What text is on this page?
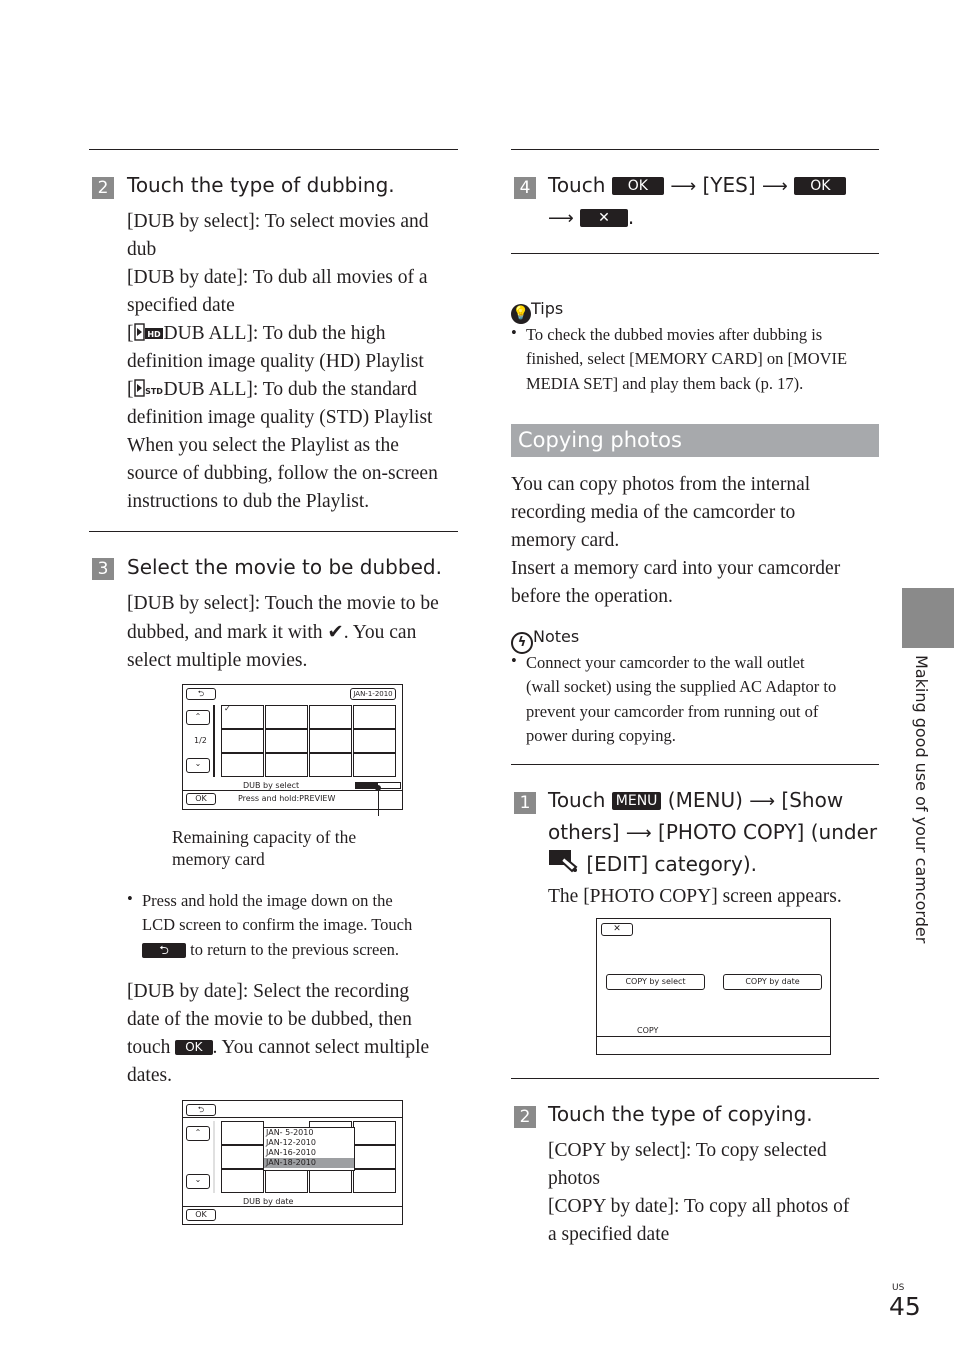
2 Touch the type of dubbing.
[DUB by select]: To select movies and
dub
[DUB by date]: To dub all movies of a
specified date
[ HD DUB ALL]: To dub the high
definition image quality (HD) Playlist
[ STD DUB ALL]: To dub the standard
definition image quality (STD) Playlist
When you select the Playlist as the
source of dubbing, follow the on-screen
instructions to dub the Playlist.
3 Select the movie to be dubbed.
[DUB by select]: Touch the movie to be
dubbed, and mark it with ✔. You can
select multiple movies.
⮌	JAN-1-2010
⌃
1/2
⌄
✓
DUB by select
OK	Press and hold:PREVIEW
Remaining capacity of the
memory card
• Press and hold the image down on the
LCD screen to confirm the image. Touch
⮌ to return to the previous screen.
[DUB by date]: Select the recording
date of the movie to be dubbed, then
touch OK . You cannot select multiple
dates.
⮌
⌃
⌄
JAN- 5-2010
JAN-12-2010
JAN-16-2010
JAN-18-2010
DUB by date
OK
4 Touch OK ⟶ [YES] ⟶ OK
⟶ ✕ .
💡 Tips
• To check the dubbed movies after dubbing is
finished, select [MEMORY CARD] on [MOVIE
MEDIA SET] and play them back (p. 17).
Copying photos
You can copy photos from the internal
recording media of the camcorder to
memory card.
Insert a memory card into your camcorder
before the operation.
ϟ Notes
• Connect your camcorder to the wall outlet
(wall socket) using the supplied AC Adaptor to
prevent your camcorder from running out of
power during copying.
1 Touch MENU (MENU) ⟶ [Show
others] ⟶ [PHOTO COPY] (under
[EDIT] category).
The [PHOTO COPY] screen appears.
✕
COPY by select	COPY by date
COPY
2 Touch the type of copying.
[COPY by select]: To copy selected
photos
[COPY by date]: To copy all photos of
a specified date
Making good use of your camcorder
US
45
